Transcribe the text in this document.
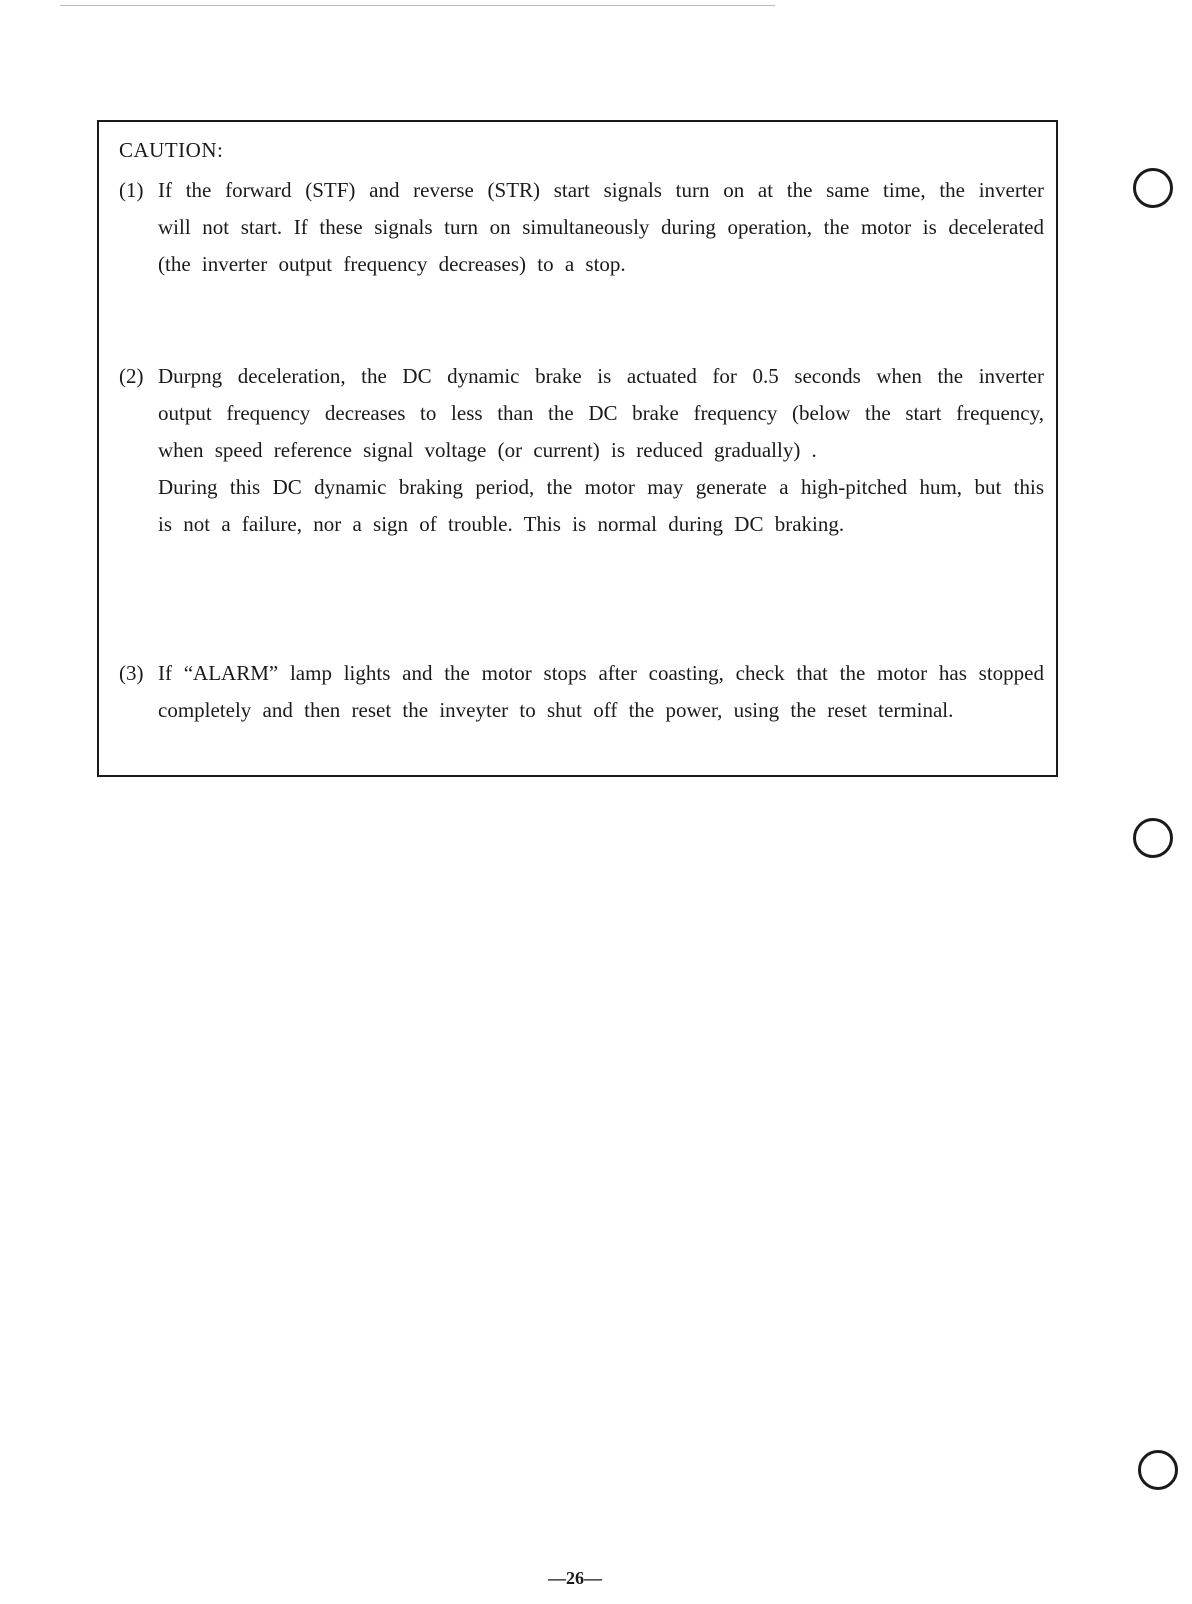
CAUTION:
(1) If the forward (STF) and reverse (STR) start signals turn on at the same time, the inverter will not start. If these signals turn on simultaneously during operation, the motor is decelerated (the inverter output frequency decreases) to a stop.

(2) Durpng deceleration, the DC dynamic brake is actuated for 0.5 seconds when the inverter output frequency decreases to less than the DC brake frequency (below the start frequency, when speed reference signal voltage (or current) is reduced gradually) .

During this DC dynamic braking period, the motor may generate a high-pitched hum, but this is not a failure, nor a sign of trouble. This is normal during DC braking.

(3) If “ALARM” lamp lights and the motor stops after coasting, check that the motor has stopped completely and then reset the inveyter to shut off the power, using the reset terminal.

—26—
